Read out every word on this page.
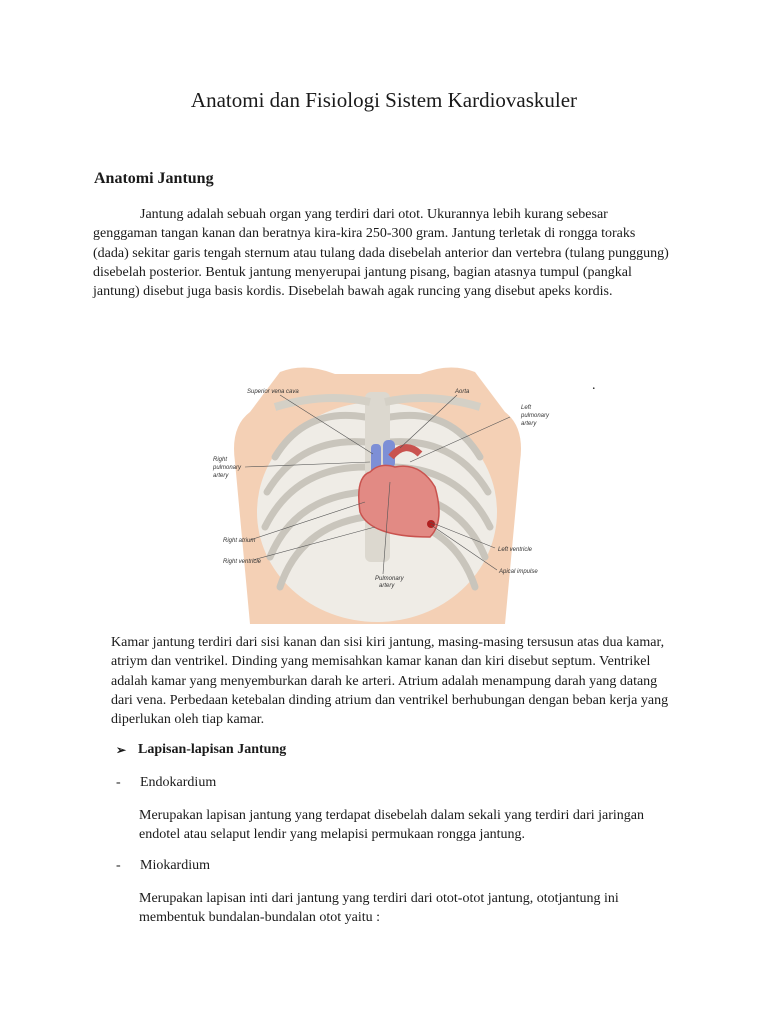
Anatomi dan Fisiologi Sistem Kardiovaskuler
Anatomi Jantung

Jantung adalah sebuah organ yang terdiri dari otot. Ukurannya lebih kurang sebesar genggaman tangan kanan dan beratnya kira-kira 250-300 gram. Jantung terletak di rongga toraks (dada) sekitar garis tengah sternum atau tulang dada disebelah anterior dan vertebra (tulang punggung) disebelah posterior. Bentuk jantung menyerupai jantung pisang, bagian atasnya tumpul (pangkal jantung) disebut juga basis kordis. Disebelah bawah agak runcing yang disebut apeks kordis.

.
Superior vena cava	Aorta
Left
pulmonary
artery
Right
pulmonary
artery
Right atrium
Right ventricle
Pulmonary
artery
Left ventricle
Apical impulse

Kamar jantung terdiri dari sisi kanan dan sisi kiri jantung, masing-masing tersusun atas dua kamar, atriym dan ventrikel. Dinding yang memisahkan kamar kanan dan kiri disebut septum. Ventrikel adalah kamar yang menyemburkan darah ke arteri. Atrium adalah menampung darah yang datang dari vena. Perbedaan ketebalan dinding atrium dan ventrikel berhubungan dengan beban kerja yang diperlukan oleh tiap kamar.

➢ Lapisan-lapisan Jantung
-	Endokardium

Merupakan lapisan jantung yang terdapat disebelah dalam sekali yang terdiri dari jaringan endotel atau selaput lendir yang melapisi permukaan rongga jantung.

-	Miokardium

Merupakan lapisan inti dari jantung yang terdiri dari otot-otot jantung, ototjantung ini membentuk bundalan-bundalan otot yaitu :
